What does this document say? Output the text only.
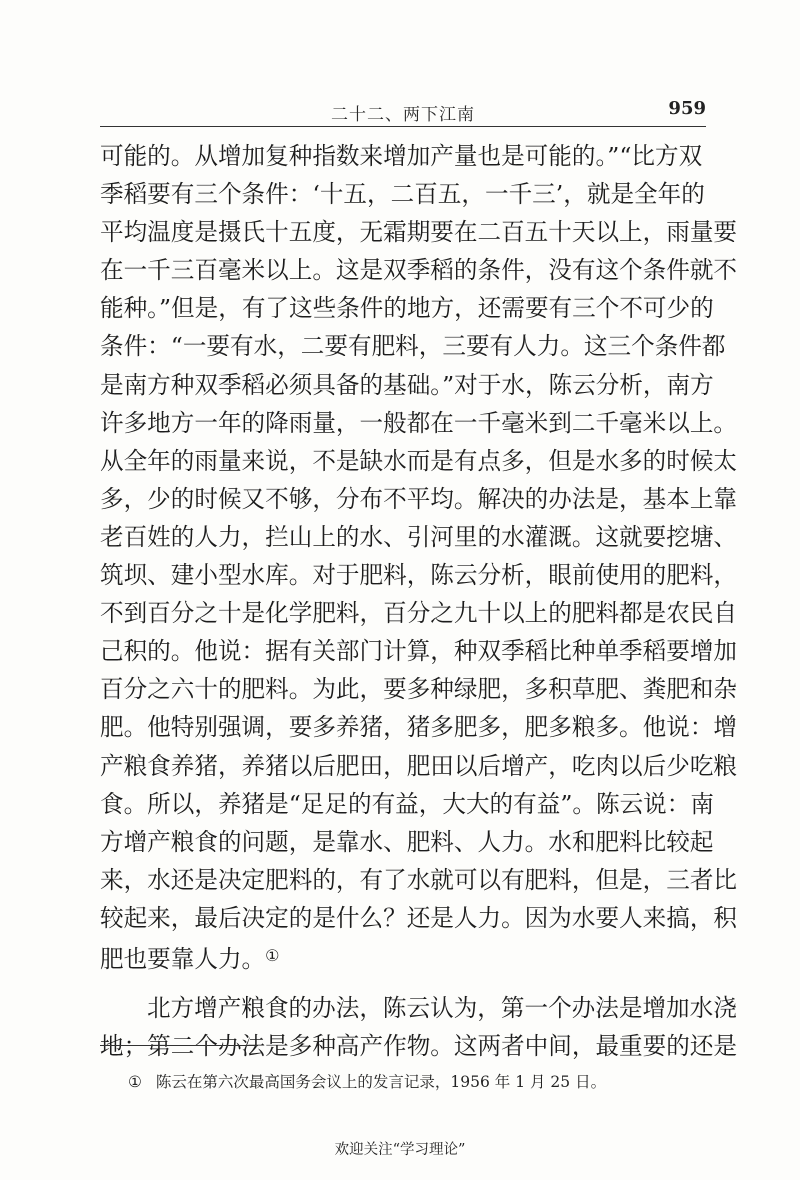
二十二、两下江南	959
可能的。从增加复种指数来增加产量也是可能的。”“比方双
季稻要有三个条件：‘十五，二百五，一千三’，就是全年的
平均温度是摄氏十五度，无霜期要在二百五十天以上，雨量要
在一千三百毫米以上。这是双季稻的条件，没有这个条件就不
能种。”但是，有了这些条件的地方，还需要有三个不可少的
条件：“一要有水，二要有肥料，三要有人力。这三个条件都
是南方种双季稻必须具备的基础。”对于水，陈云分析，南方
许多地方一年的降雨量，一般都在一千毫米到二千毫米以上。
从全年的雨量来说，不是缺水而是有点多，但是水多的时候太
多，少的时候又不够，分布不平均。解决的办法是，基本上靠
老百姓的人力，拦山上的水、引河里的水灌溉。这就要挖塘、
筑坝、建小型水库。对于肥料，陈云分析，眼前使用的肥料，
不到百分之十是化学肥料，百分之九十以上的肥料都是农民自
己积的。他说：据有关部门计算，种双季稻比种单季稻要增加
百分之六十的肥料。为此，要多种绿肥，多积草肥、粪肥和杂
肥。他特别强调，要多养猪，猪多肥多，肥多粮多。他说：增
产粮食养猪，养猪以后肥田，肥田以后增产，吃肉以后少吃粮
食。所以，养猪是“足足的有益，大大的有益”。陈云说：南
方增产粮食的问题，是靠水、肥料、人力。水和肥料比较起
来，水还是决定肥料的，有了水就可以有肥料，但是，三者比
较起来，最后决定的是什么？还是人力。因为水要人来搞，积
肥也要靠人力。①
北方增产粮食的办法，陈云认为，第一个办法是增加水浇
地；第二个办法是多种高产作物。这两者中间，最重要的还是
① 陈云在第六次最高国务会议上的发言记录，1956 年 1 月 25 日。
欢迎关注“学习理论”
